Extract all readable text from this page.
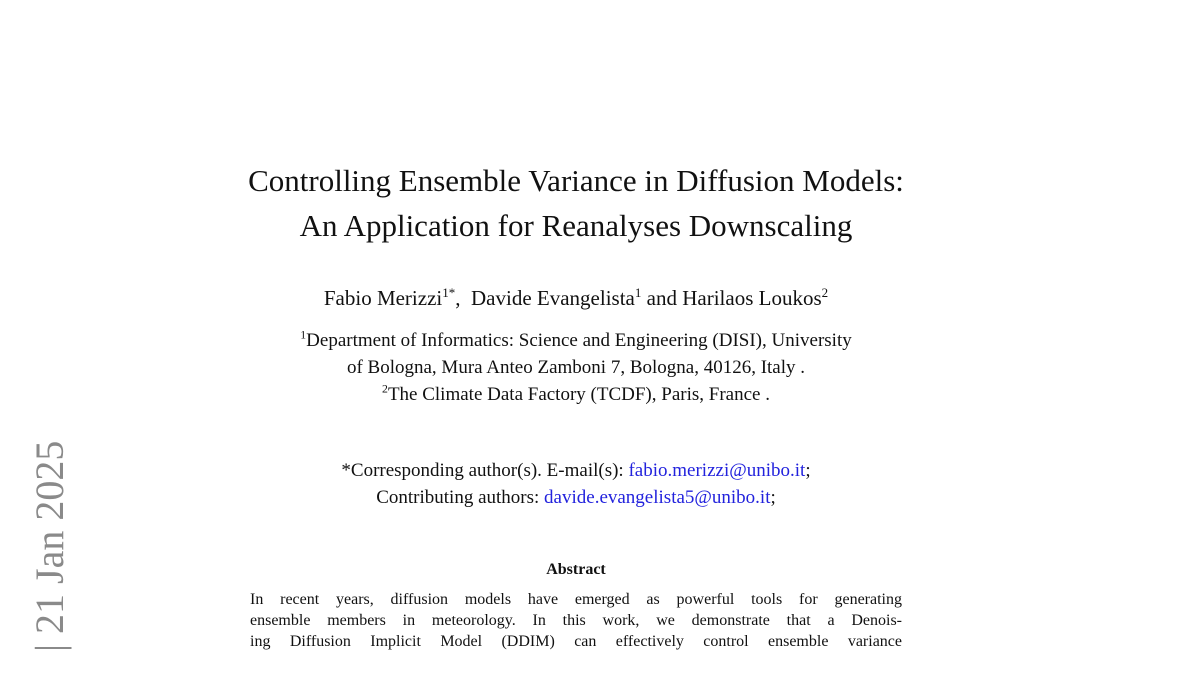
| 21 Jan 2025
Controlling Ensemble Variance in Diffusion Models:
An Application for Reanalyses Downscaling
Fabio Merizzi$^{1*}$,  Davide Evangelista$^1$ and Harilaos Loukos$^2$
$^1$Department of Informatics: Science and Engineering (DISI), University
of Bologna, Mura Anteo Zamboni 7, Bologna, 40126, Italy .
$^2$The Climate Data Factory (TCDF), Paris, France .
*Corresponding author(s). E-mail(s): fabio.merizzi@unibo.it;
Contributing authors: davide.evangelista5@unibo.it;
Abstract
In recent years, diffusion models have emerged as powerful tools for generating
ensemble members in meteorology. In this work, we demonstrate that a Denois-
ing Diffusion Implicit Model (DDIM) can effectively control ensemble variance
